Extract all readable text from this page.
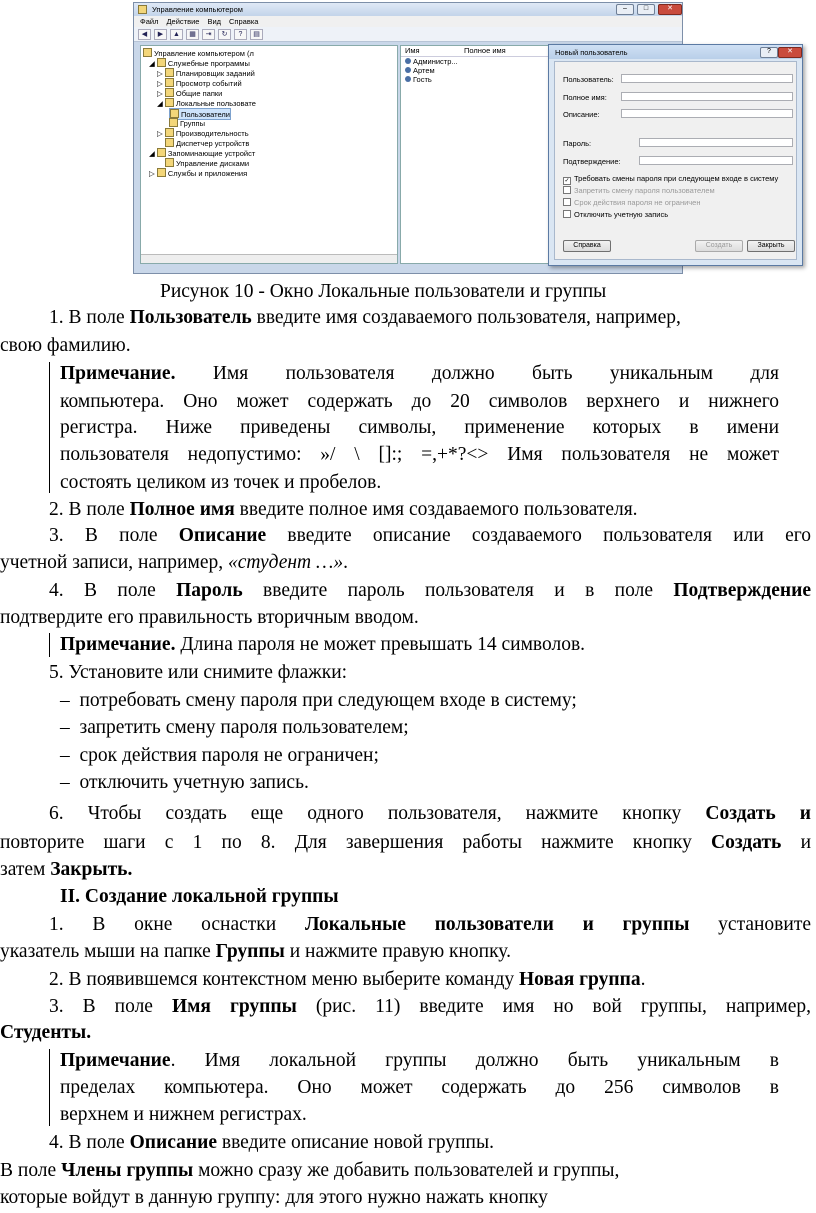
Управление компьютером	–	□	✕
Файл Действие Вид Справка
◀	▶	▲	▦	⇥	↻	?	▤
Управление компьютером (л
◢ Служебные программы
▷ Планировщик заданий
▷ Просмотр событий
▷ Общие папки
◢ Локальные пользовате
Пользователи
Группы
▷ Производительность
Диспетчер устройств
◢ Запоминающие устройст
Управление дисками
▷ Службы и приложения
Имя	Полное имя
Администр...
Артем
Гость
Новый пользователь	?	✕
Пользователь:
Полное имя:
Описание:
Пароль:
Подтверждение:
✓ Требовать смены пароля при следующем входе в систему
Запретить смену пароля пользователем
Срок действия пароля не ограничен
Отключить учетную запись
Справка	Создать	Закрыть
Рисунок 10 - Окно Локальные пользователи и группы
1. В поле Пользователь введите имя создаваемого пользователя, например,
свою фамилию.
Примечание. Имя пользователя должно быть уникальным для
компьютера. Оно может содержать до 20 символов верхнего и нижнего
регистра. Ниже приведены символы, применение которых в имени
пользователя недопустимо: »/ \ []:; =,+*?<> Имя пользователя не может
состоять целиком из точек и пробелов.
2. В поле Полное имя введите полное имя создаваемого пользователя.
3. В поле Описание введите описание создаваемого пользователя или его
учетной записи, например, «студент …».
4. В поле Пароль введите пароль пользователя и в поле Подтверждение
подтвердите его правильность вторичным вводом.
Примечание. Длина пароля не может превышать 14 символов.
5. Установите или снимите флажки:
– потребовать смену пароля при следующем входе в систему;
– запретить смену пароля пользователем;
– срок действия пароля не ограничен;
– отключить учетную запись.
6. Чтобы создать еще одного пользователя, нажмите кнопку Создать и
повторите шаги с 1 по 8. Для завершения работы нажмите кнопку Создать и
затем Закрыть.
II. Создание локальной группы
1. В окне оснастки Локальные пользователи и группы установите
указатель мыши на папке Группы и нажмите правую кнопку.
2. В появившемся контекстном меню выберите команду Новая группа.
3. В поле Имя группы (рис. 11) введите имя но вой группы, например,
Студенты.
Примечание. Имя локальной группы должно быть уникальным в
пределах компьютера. Оно может содержать до 256 символов в
верхнем и нижнем регистрах.
4. В поле Описание введите описание новой группы.
В поле Члены группы можно сразу же добавить пользователей и группы,
которые войдут в данную группу: для этого нужно нажать кнопку
